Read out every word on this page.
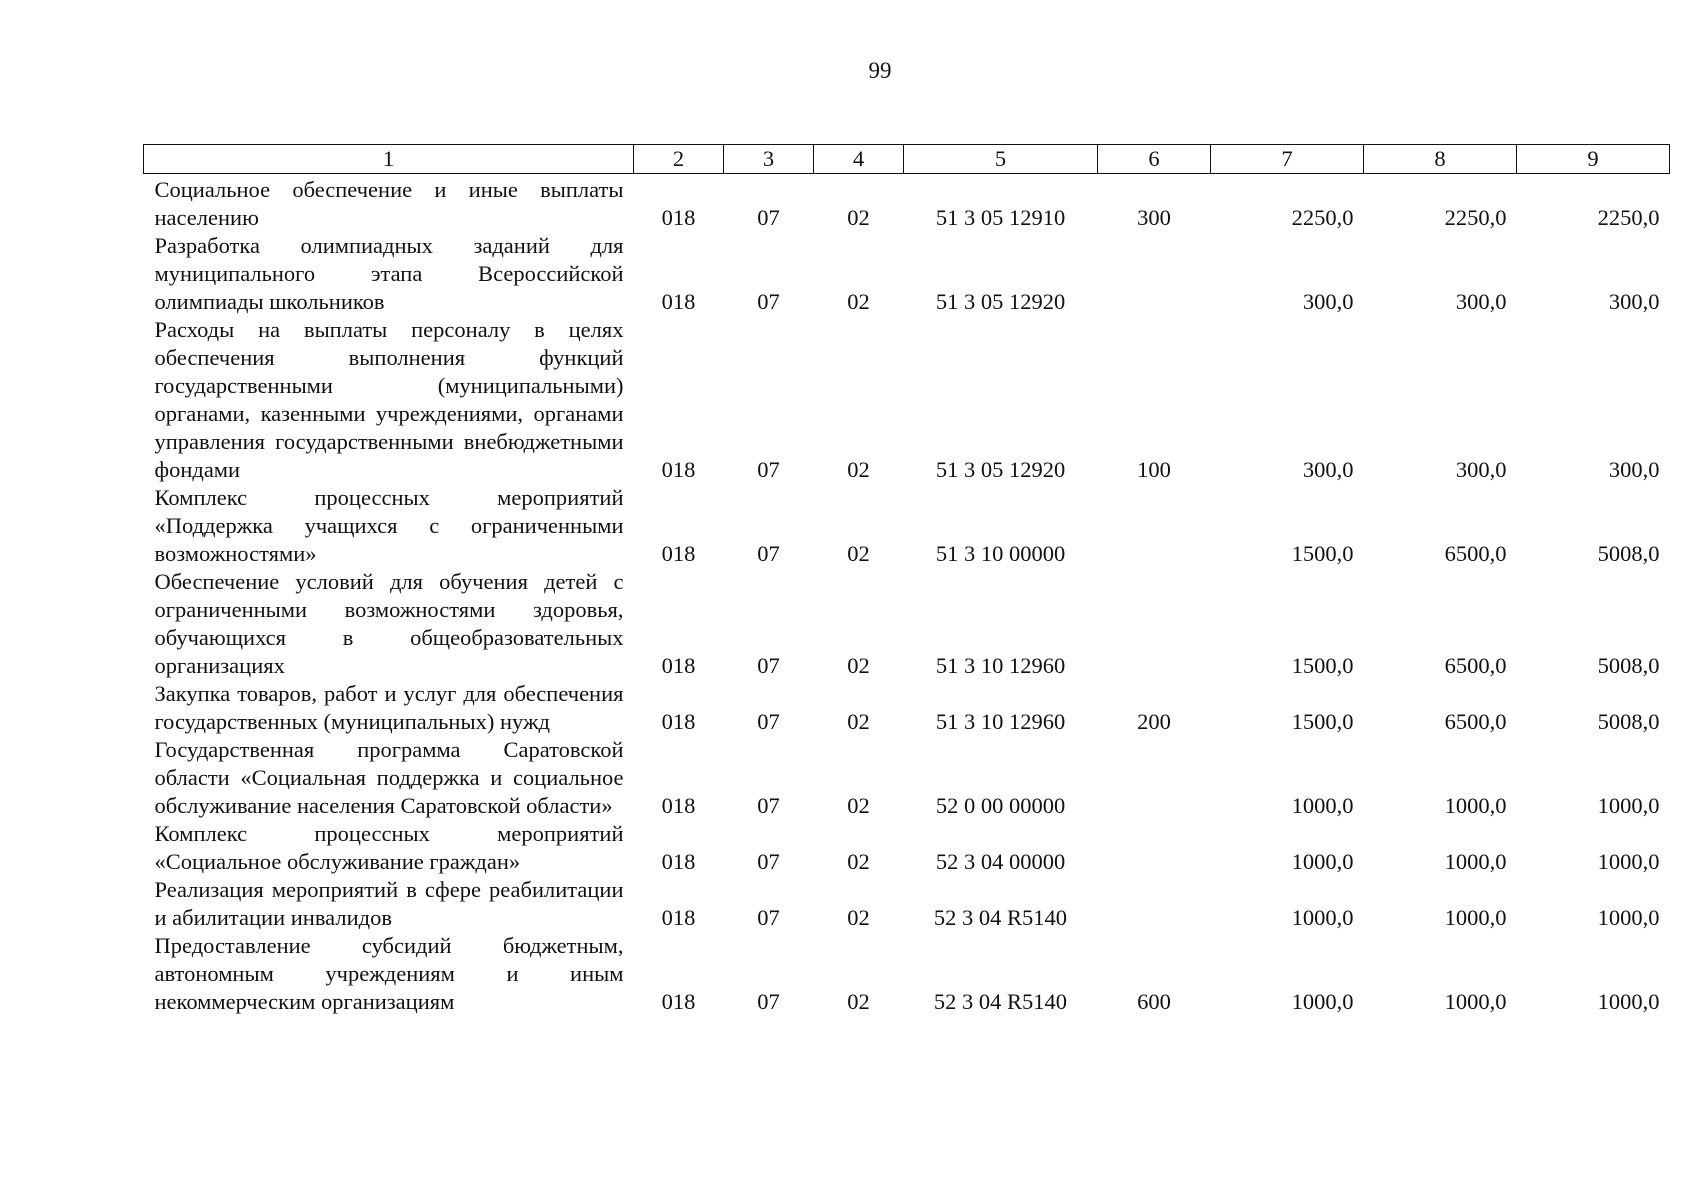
99
1	2	3	4	5	6	7	8	9
Социальное обеспечение и иные выплаты населению	018	07	02	51 3 05 12910	300	2250,0	2250,0	2250,0
Разработка олимпиадных заданий для муниципального этапа Всероссийской олимпиады школьников	018	07	02	51 3 05 12920		300,0	300,0	300,0
Расходы на выплаты персоналу в целях обеспечения выполнения функций государственными (муниципальными) органами, казенными учреждениями, органами управления государственными внебюджетными фондами	018	07	02	51 3 05 12920	100	300,0	300,0	300,0
Комплекс процессных мероприятий «Поддержка учащихся с ограниченными возможностями»	018	07	02	51 3 10 00000		1500,0	6500,0	5008,0
Обеспечение условий для обучения детей с ограниченными возможностями здоровья, обучающихся в общеобразовательных организациях	018	07	02	51 3 10 12960		1500,0	6500,0	5008,0
Закупка товаров, работ и услуг для обеспечения государственных (муниципальных) нужд	018	07	02	51 3 10 12960	200	1500,0	6500,0	5008,0
Государственная программа Саратовской области «Социальная поддержка и социальное обслуживание населения Саратовской области»	018	07	02	52 0 00 00000		1000,0	1000,0	1000,0
Комплекс процессных мероприятий «Социальное обслуживание граждан»	018	07	02	52 3 04 00000		1000,0	1000,0	1000,0
Реализация мероприятий в сфере реабилитации и абилитации инвалидов	018	07	02	52 3 04 R5140		1000,0	1000,0	1000,0
Предоставление субсидий бюджетным, автономным учреждениям и иным некоммерческим организациям	018	07	02	52 3 04 R5140	600	1000,0	1000,0	1000,0
